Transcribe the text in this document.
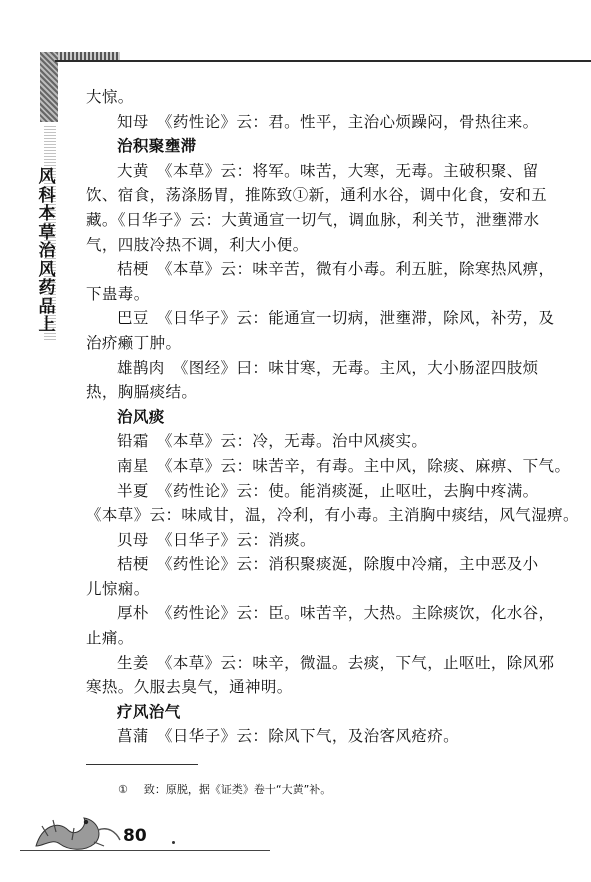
风科本草治风药品上
大惊。
知母　《药性论》云：君。性平，主治心烦躁闷，骨热往来。
治积聚壅滞
大黄　《本草》云：将军。味苦，大寒，无毒。主破积聚、留
饮、宿食，荡涤肠胃，推陈致①新，通利水谷，调中化食，安和五
藏。《日华子》云：大黄通宣一切气，调血脉，利关节，泄壅滞水
气，四肢冷热不调，利大小便。
桔梗　《本草》云：味辛苦，微有小毒。利五脏，除寒热风痹，
下蛊毒。
巴豆　《日华子》云：能通宣一切病，泄壅滞，除风，补劳，及
治疥癞丁肿。
雄鹊肉　《图经》曰：味甘寒，无毒。主风，大小肠涩四肢烦
热，胸膈痰结。
治风痰
铅霜　《本草》云：冷，无毒。治中风痰实。
南星　《本草》云：味苦辛，有毒。主中风，除痰、麻痹、下气。
半夏　《药性论》云：使。能消痰涎，止呕吐，去胸中疼满。
《本草》云：味咸甘，温，冷利，有小毒。主消胸中痰结，风气湿痹。
贝母　《日华子》云：消痰。
桔梗　《药性论》云：消积聚痰涎，除腹中冷痛，主中恶及小
儿惊痫。
厚朴　《药性论》云：臣。味苦辛，大热。主除痰饮，化水谷，
止痛。
生姜　《本草》云：味辛，微温。去痰，下气，止呕吐，除风邪
寒热。久服去臭气，通神明。
疗风治气
菖蒲　《日华子》云：除风下气，及治客风疮疥。
① 致：原脱，据《证类》卷十“大黄”补。
80
